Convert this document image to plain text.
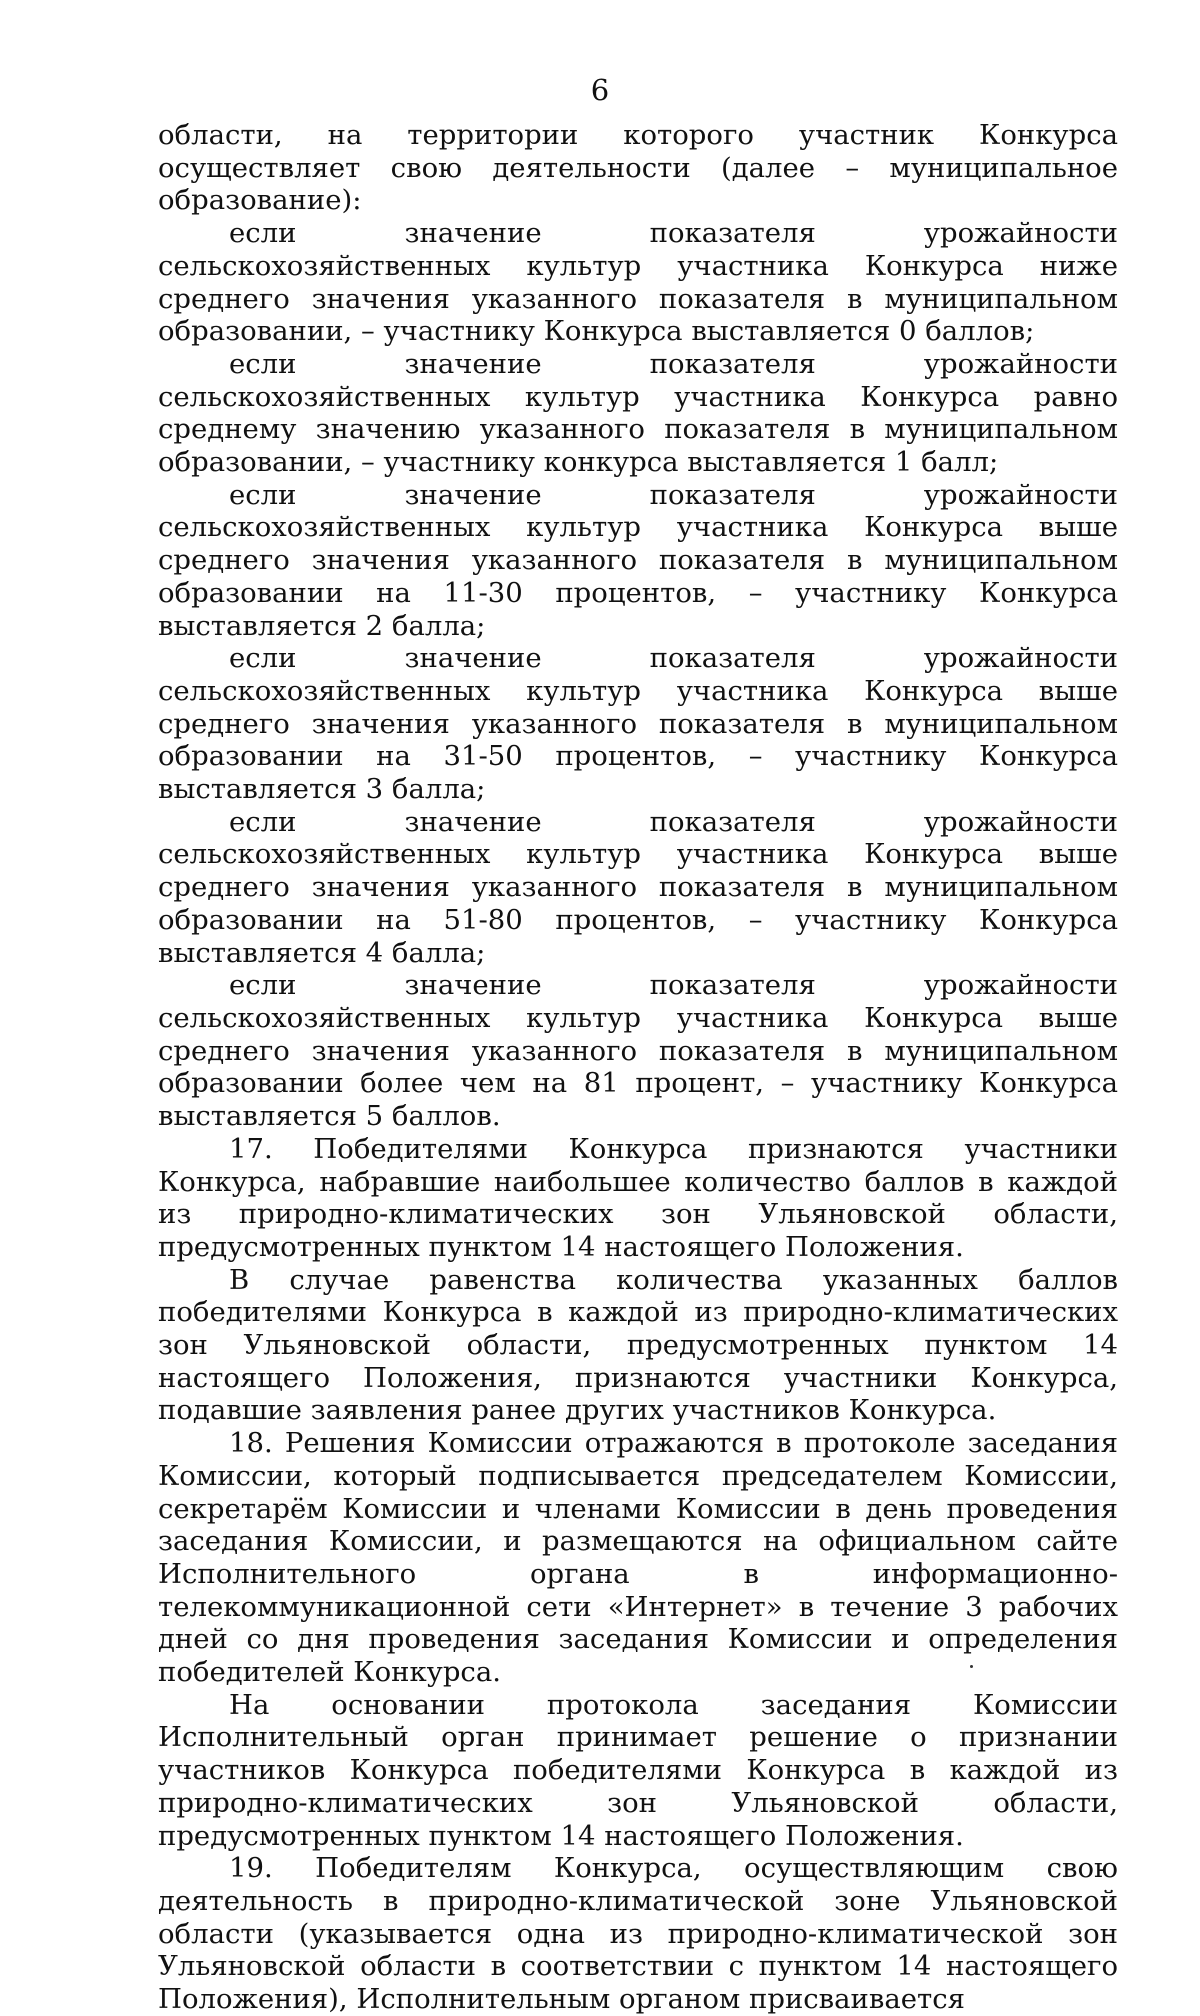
6

области, на территории которого участник Конкурса осуществляет свою деятельности (далее – муниципальное образование):

если значение показателя урожайности сельскохозяйственных культур участника Конкурса ниже среднего значения указанного показателя в муниципальном образовании, – участнику Конкурса выставляется 0 баллов;

если значение показателя урожайности сельскохозяйственных культур участника Конкурса равно среднему значению указанного показателя в муниципальном образовании, – участнику конкурса выставляется 1 балл;

если значение показателя урожайности сельскохозяйственных культур участника Конкурса выше среднего значения указанного показателя в муниципальном образовании на 11-30 процентов, – участнику Конкурса выставляется 2 балла;

если значение показателя урожайности сельскохозяйственных культур участника Конкурса выше среднего значения указанного показателя в муниципальном образовании на 31-50 процентов, – участнику Конкурса выставляется 3 балла;

если значение показателя урожайности сельскохозяйственных культур участника Конкурса выше среднего значения указанного показателя в муниципальном образовании на 51-80 процентов, – участнику Конкурса выставляется 4 балла;

если значение показателя урожайности сельскохозяйственных культур участника Конкурса выше среднего значения указанного показателя в муниципальном образовании более чем на 81 процент, – участнику Конкурса выставляется 5 баллов.

17. Победителями Конкурса признаются участники Конкурса, набравшие наибольшее количество баллов в каждой из природно-климатических зон Ульяновской области, предусмотренных пунктом 14 настоящего Положения.

В случае равенства количества указанных баллов победителями Конкурса в каждой из природно-климатических зон Ульяновской области, предусмотренных пунктом 14 настоящего Положения, признаются участники Конкурса, подавшие заявления ранее других участников Конкурса.

18. Решения Комиссии отражаются в протоколе заседания Комиссии, который подписывается председателем Комиссии, секретарём Комиссии и членами Комиссии в день проведения заседания Комиссии, и размещаются на официальном сайте Исполнительного органа в информационно-телекоммуникационной сети «Интернет» в течение 3 рабочих дней со дня проведения заседания Комиссии и определения победителей Конкурса.

На основании протокола заседания Комиссии Исполнительный орган принимает решение о признании участников Конкурса победителями Конкурса в каждой из природно-климатических зон Ульяновской области, предусмотренных пунктом 14 настоящего Положения.

19. Победителям Конкурса, осуществляющим свою деятельность в природно-климатической зоне Ульяновской области (указывается одна из природно-климатической зон Ульяновской области в соответствии с пунктом 14 настоящего Положения), Исполнительным органом присваивается
